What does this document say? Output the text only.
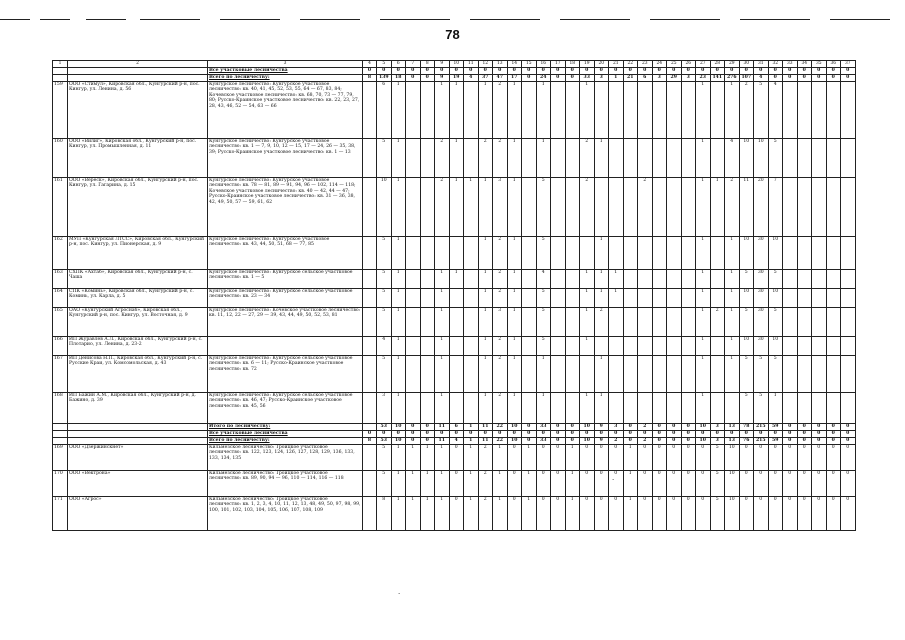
78
1	2	3	4	5	6	7	8	9	10	11	12	13	14	15	16	17	18	19	20	21	22	23	24	25	26	27	28	29	30	31	32	33	34	35	36	37
		Все участковые лесничества	0	0	0	0	0	0	0	0	0	0	0	0	0	0	0	0	0	0	0	0	0	0	0	0	0	0	0	0	0	0	0	0	0	0
		Всего по лесничеству:	8	139	18	0	0	9	19	4	37	47	17	0	24	0	0	33	3	1	21	6	3	29	3	23	141	276	107	4	0	0	0	0	0	0
159	ООО «Стимул», Кировская обл., Кунгурский р-н, пос. Кингур, ул. Ленина, д. 56	Кунгурское лесничество: Кунгурское участковое лесничество: кв. 40, 41, 45, 52, 53, 55, 64 — 67, 83, 84; Кочевское участковое лесничество: кв. 68, 70, 73 — 77, 79, 80; Русско-Краинское участковое лесничество: кв. 22, 23, 27, 28, 43, 46, 52 — 54, 63 — 66		6	1			1	1		1	2	1		1			1								1		1	2	5	4					
160	ООО «Вилиг», Кировская обл., Кунгурский р-н, пос. Кингур, ул. Промышленная, д. 11	Кунгурское лесничество: Кунгурское участковое лесничество: кв. 1 — 7, 9, 10, 12 — 15, 17 — 24, 26 — 35, 38, 39; Русско-Краинское участковое лесничество: кв. 1 — 13		5	1			2	1		2	2	1		1			2	1							1		4	10	10	5					
161	ООО «Вереск», Кировская обл., Кунгурский р-н, пос. Кингур, ул. Гагарина, д. 15	Кунгурское лесничество: Кунгурское участковое лесничество: кв. 78 — 81, 89 — 91, 94, 96 — 102, 114 — 118; Кочевское участковое лесничество: кв. 40 — 42, 44 — 47; Русско-Краинское участковое лесничество: кв. 31 — 36, 38, 42, 49, 50, 57 — 59, 61, 62		10	1			2	1	1	1	3	1		5			2				2				1	1	2	11	20	7					
162	МУП «Кунгурская ЛТСС», Кировская обл., Кунгурский р-н, пос. Кингур, ул. Пионерская, д. 9	Кунгурское лесничество: Кунгурское участковое лесничество: кв. 43, 44, 50, 51, 68 — 77, 85		5	1						1	2	1		5				1							1		1	10	30	10					
163	СХПК «Ахтаб», Кировская обл., Кунгурский р-н, с. Чаша	Кунгурское лесничество: Кунгурское сельское участковое лесничество: кв. 1 — 5		5	1			1	1		1	2	1		4			1	1	1						1		1	5	30	5					
164	СПК «Коминь», Кировская обл., Кунгурский р-н, с. Коминь, ул. Карла, д. 5	Кунгурское лесничество: Кунгурское сельское участковое лесничество: кв. 23 — 34		5	1			1			1	2	1		5			1	1	1						1		1	10	30	10					
165	ОАО «Кунгурский Агроснаб», Кировская обл., Кунгурский р-н, пос. Кингур, ул. Восточная, д. 9	Кунгурское лесничество: Кочевское участковое лесничество: кв. 11, 12, 22 — 27, 29 — 39, 43, 44, 49, 50, 52, 53, 81		5	1			1			1	3	1		5			1	2							1	2	1	5	30	5					
166	ИП Журавлев А.Л., Кировская обл., Кунгурский р-н, с. Плотарио, ул. Ленина, д. 23-2			4	1			1			1	2	1		5			1								1		1	10	30	10					
167	ИП Денисова Н.П., Кировская обл., Кунгурский р-н, с. Русские Краи, ул. Комсомольская, д. 43	Кунгурское лесничество: Кунгурское сельское участковое лесничество: кв. 6 — 11; Русско-Краинское участковое лесничество: кв. 72		5	1			1			1	2	1		1				1							1		1	5	5	5					
168	ИП Бажин А.М., Кировская обл., Кунгурский р-н, д. Бажино, д. 39	Кунгурское лесничество: Кунгурское сельское участковое лесничество: кв. 46, 47; Русско-Краинское участковое лесничество: кв. 45, 56		3	1			1			1	2	1		1			1	1							1			5	5	1					
		Итого по лесничеству:		53	10	0	0	11	6	1	11	22	10	0	33	0	0	10	9	3	0	2	0	0	0	10	3	13	78	215	59	0	0	0	0	0
		Все участковые лесничества	0	0	0	0	0	0	0	0	0	0	0	0	0	0	0	0	0	0	0	0	0	0	0	0	0	0	0	0	0	0	0	0	0	0
		Всего по лесничеству:	8	53	10	0	0	11	4	1	11	22	10	0	33	0	0	10	9	2	0	2	0	0	0	10	3	13	76	215	59	0	0	0	0	0
169	ООО «Дзержинскнет»	Кильмезское лесничество: Троицкое участковое лесничество: кв. 122, 123, 124, 126, 127, 128, 129, 136, 133, 133, 134, 135		5	1	1	1	1	0	1	2	1	0	1	0	0	1	0	0	0	1	0	0	0	0	0	5	10	0	0	0	0	0	0	0	0
170	ООО «Вектрона»	Кильмезское лесничество: Троицкое участковое лесничество: кв. 89, 90, 94 — 96, 110 — 114, 116 — 118		5	1	1	1	1	0	1	2	1	0	1	0	0	1	0	0	0	1	0	0	0	0	0	5	10	0	0	0	0	0	0	0	0
171	ООО «Агрос»	Кильмезское лесничество: Троицкое участковое лесничество: кв. 1, 2, 3, 4, 10, 11, 12, 13, 48, 49, 50, 97, 98, 99, 100, 101, 102, 103, 104, 105, 106, 107, 108, 109		8	1	1	1	1	0	1	2	1	0	1	0	0	1	0	0	0	1	0	0	0	0	0	5	10	0	0	0	0	0	0	0	0
·
·
